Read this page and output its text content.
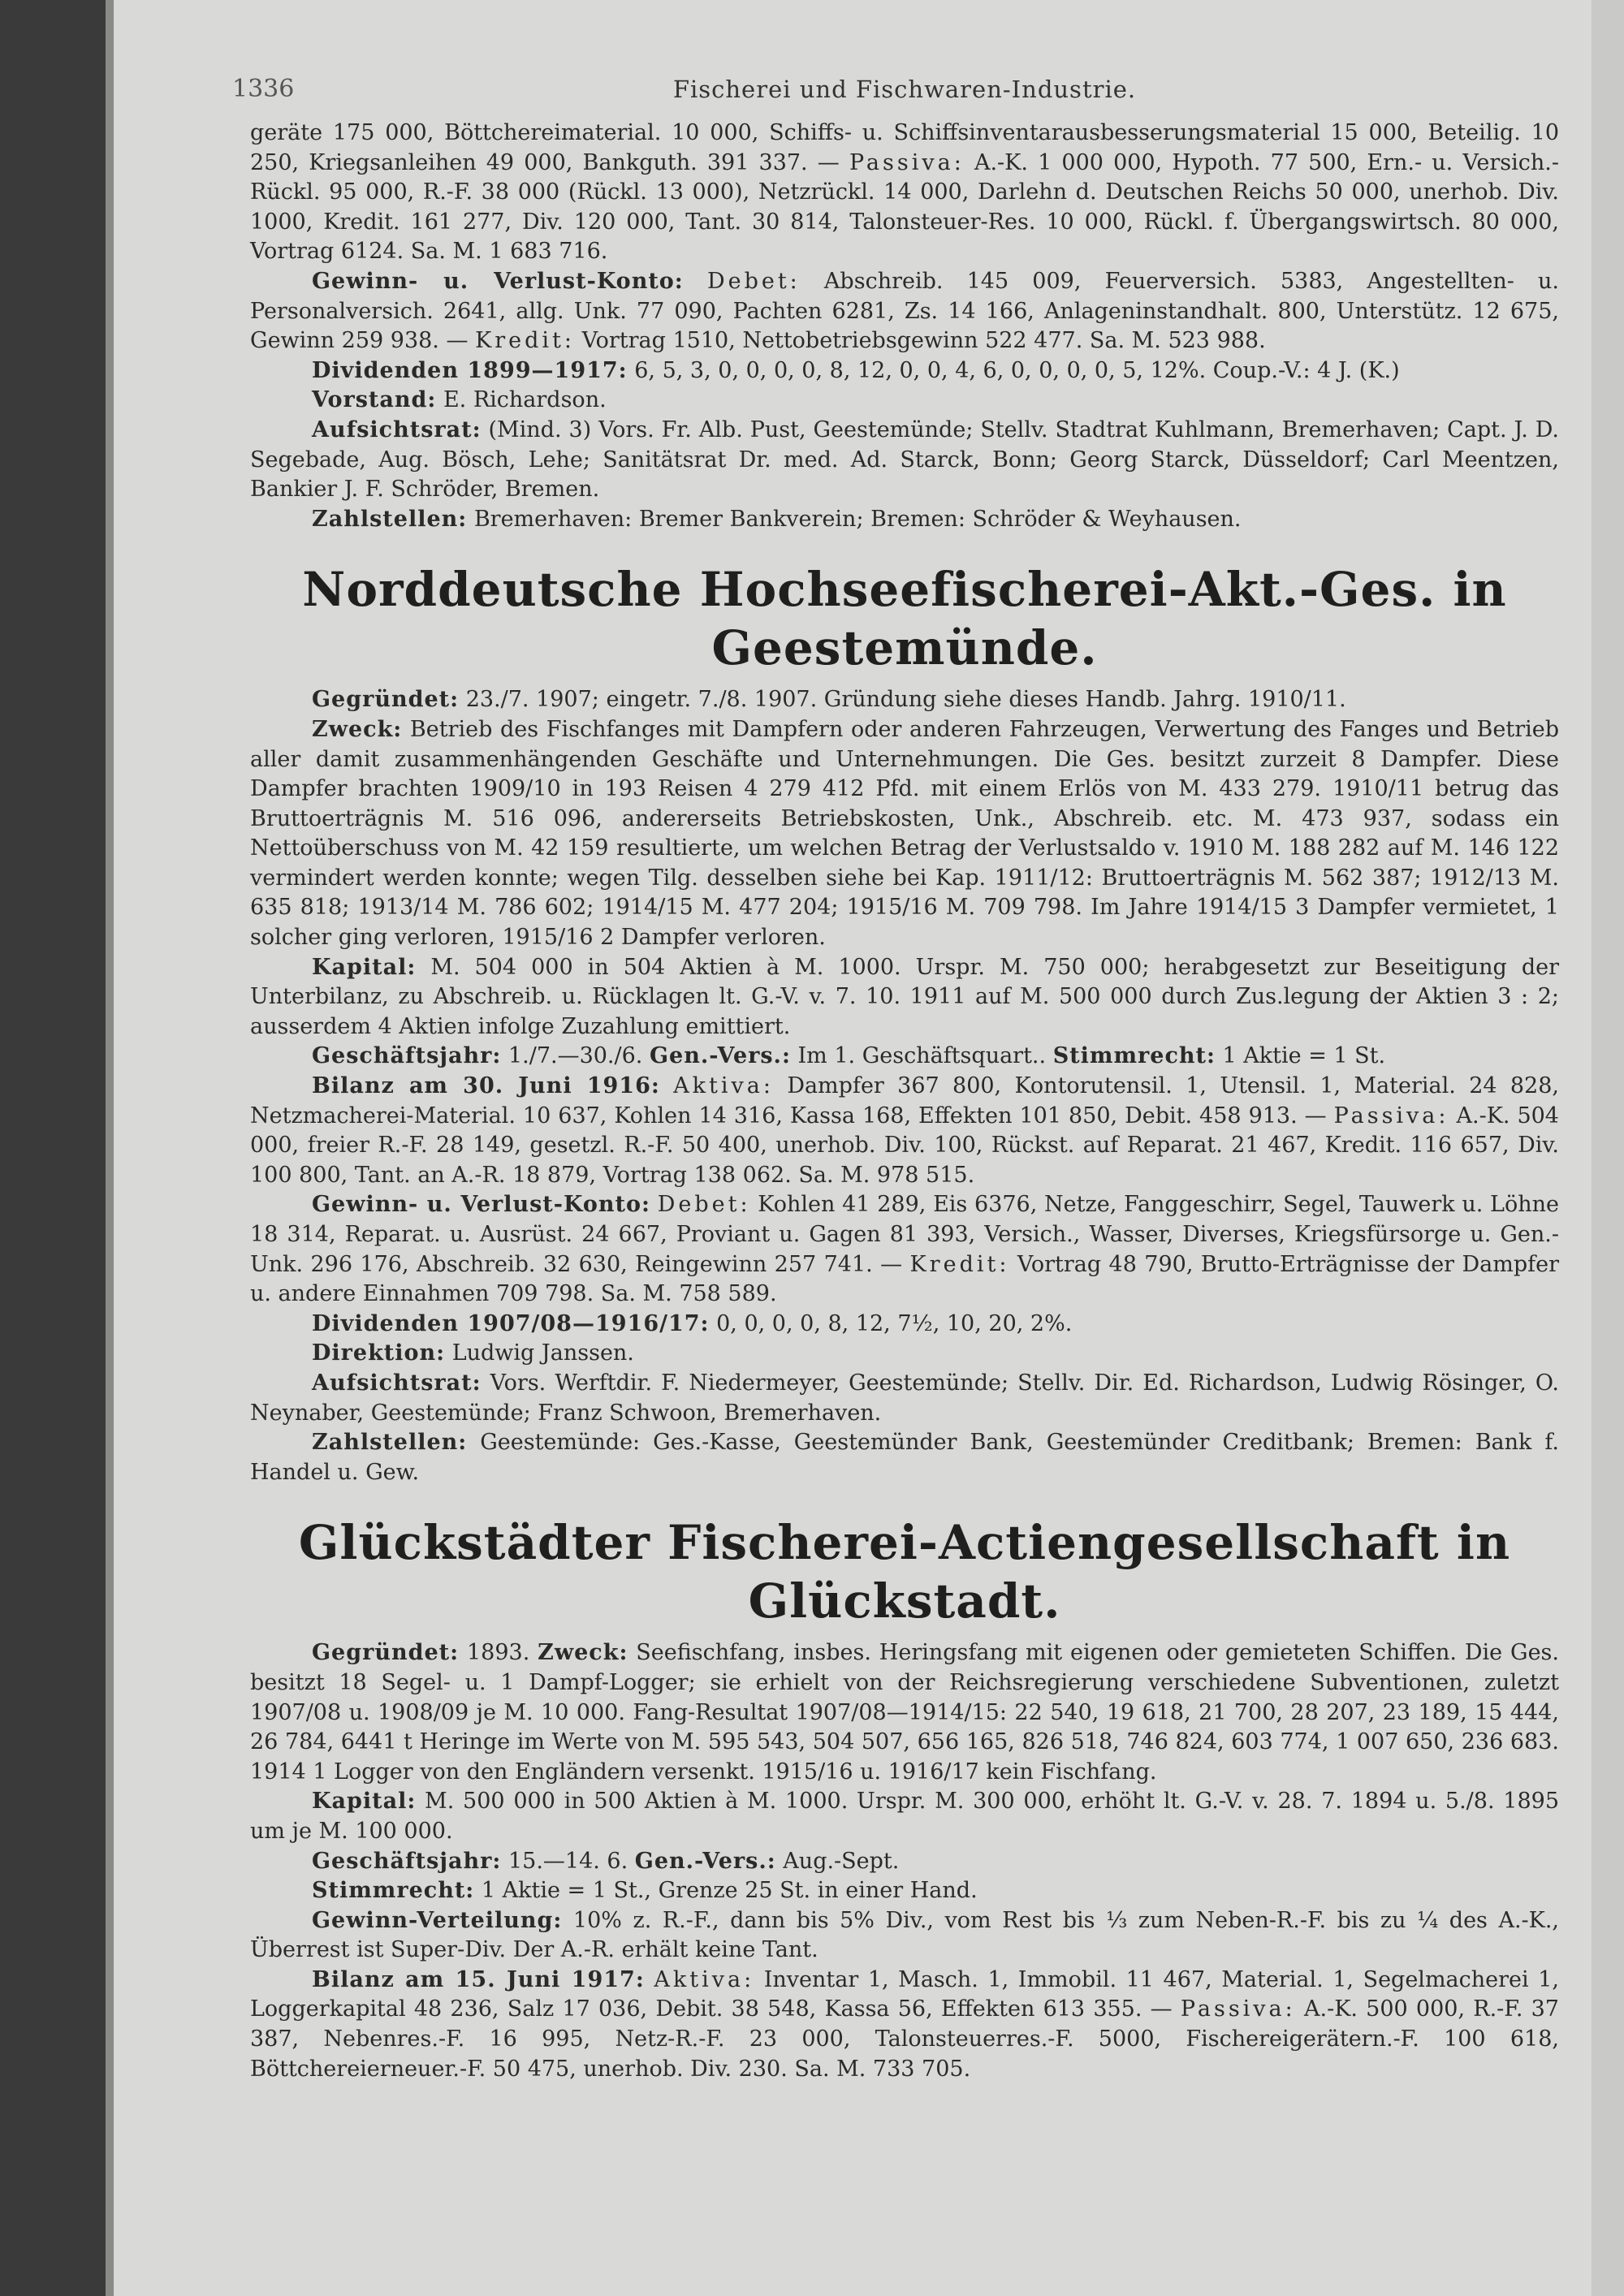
1336	Fischerei und Fischwaren-Industrie.

geräte 175 000, Böttchereimaterial. 10 000, Schiffs- u. Schiffsinventarausbesserungsmaterial 15 000, Beteilig. 10 250, Kriegsanleihen 49 000, Bankguth. 391 337. — Passiva: A.-K. 1 000 000, Hypoth. 77 500, Ern.- u. Versich.-Rückl. 95 000, R.-F. 38 000 (Rückl. 13 000), Netzrückl. 14 000, Darlehn d. Deutschen Reichs 50 000, unerhob. Div. 1000, Kredit. 161 277, Div. 120 000, Tant. 30 814, Talonsteuer-Res. 10 000, Rückl. f. Übergangswirtsch. 80 000, Vortrag 6124. Sa. M. 1 683 716.

Gewinn- u. Verlust-Konto: Debet: Abschreib. 145 009, Feuerversich. 5383, Angestellten- u. Personalversich. 2641, allg. Unk. 77 090, Pachten 6281, Zs. 14 166, Anlageninstandhalt. 800, Unterstütz. 12 675, Gewinn 259 938. — Kredit: Vortrag 1510, Nettobetriebsgewinn 522 477. Sa. M. 523 988.

Dividenden 1899—1917: 6, 5, 3, 0, 0, 0, 0, 8, 12, 0, 0, 4, 6, 0, 0, 0, 0, 5, 12%. Coup.-V.: 4 J. (K.)

Vorstand: E. Richardson.

Aufsichtsrat: (Mind. 3) Vors. Fr. Alb. Pust, Geestemünde; Stellv. Stadtrat Kuhlmann, Bremerhaven; Capt. J. D. Segebade, Aug. Bösch, Lehe; Sanitätsrat Dr. med. Ad. Starck, Bonn; Georg Starck, Düsseldorf; Carl Meentzen, Bankier J. F. Schröder, Bremen.

Zahlstellen: Bremerhaven: Bremer Bankverein; Bremen: Schröder & Weyhausen.

Norddeutsche Hochseefischerei-Akt.-Ges. in Geestemünde.

Gegründet: 23./7. 1907; eingetr. 7./8. 1907. Gründung siehe dieses Handb. Jahrg. 1910/11.

Zweck: Betrieb des Fischfanges mit Dampfern oder anderen Fahrzeugen, Verwertung des Fanges und Betrieb aller damit zusammenhängenden Geschäfte und Unternehmungen. Die Ges. besitzt zurzeit 8 Dampfer. Diese Dampfer brachten 1909/10 in 193 Reisen 4 279 412 Pfd. mit einem Erlös von M. 433 279. 1910/11 betrug das Bruttoerträgnis M. 516 096, andererseits Betriebskosten, Unk., Abschreib. etc. M. 473 937, sodass ein Nettoüberschuss von M. 42 159 resultierte, um welchen Betrag der Verlustsaldo v. 1910 M. 188 282 auf M. 146 122 vermindert werden konnte; wegen Tilg. desselben siehe bei Kap. 1911/12: Bruttoerträgnis M. 562 387; 1912/13 M. 635 818; 1913/14 M. 786 602; 1914/15 M. 477 204; 1915/16 M. 709 798. Im Jahre 1914/15 3 Dampfer vermietet, 1 solcher ging verloren, 1915/16 2 Dampfer verloren.

Kapital: M. 504 000 in 504 Aktien à M. 1000. Urspr. M. 750 000; herabgesetzt zur Beseitigung der Unterbilanz, zu Abschreib. u. Rücklagen lt. G.-V. v. 7. 10. 1911 auf M. 500 000 durch Zus.legung der Aktien 3 : 2; ausserdem 4 Aktien infolge Zuzahlung emittiert.

Geschäftsjahr: 1./7.—30./6. Gen.-Vers.: Im 1. Geschäftsquart.. Stimmrecht: 1 Aktie = 1 St.

Bilanz am 30. Juni 1916: Aktiva: Dampfer 367 800, Kontorutensil. 1, Utensil. 1, Material. 24 828, Netzmacherei-Material. 10 637, Kohlen 14 316, Kassa 168, Effekten 101 850, Debit. 458 913. — Passiva: A.-K. 504 000, freier R.-F. 28 149, gesetzl. R.-F. 50 400, unerhob. Div. 100, Rückst. auf Reparat. 21 467, Kredit. 116 657, Div. 100 800, Tant. an A.-R. 18 879, Vortrag 138 062. Sa. M. 978 515.

Gewinn- u. Verlust-Konto: Debet: Kohlen 41 289, Eis 6376, Netze, Fanggeschirr, Segel, Tauwerk u. Löhne 18 314, Reparat. u. Ausrüst. 24 667, Proviant u. Gagen 81 393, Versich., Wasser, Diverses, Kriegsfürsorge u. Gen.-Unk. 296 176, Abschreib. 32 630, Reingewinn 257 741. — Kredit: Vortrag 48 790, Brutto-Erträgnisse der Dampfer u. andere Einnahmen 709 798. Sa. M. 758 589.

Dividenden 1907/08—1916/17: 0, 0, 0, 0, 8, 12, 7½, 10, 20, 2%.

Direktion: Ludwig Janssen.

Aufsichtsrat: Vors. Werftdir. F. Niedermeyer, Geestemünde; Stellv. Dir. Ed. Richardson, Ludwig Rösinger, O. Neynaber, Geestemünde; Franz Schwoon, Bremerhaven.

Zahlstellen: Geestemünde: Ges.-Kasse, Geestemünder Bank, Geestemünder Creditbank; Bremen: Bank f. Handel u. Gew.

Glückstädter Fischerei-Actiengesellschaft in Glückstadt.

Gegründet: 1893. Zweck: Seefischfang, insbes. Heringsfang mit eigenen oder gemieteten Schiffen. Die Ges. besitzt 18 Segel- u. 1 Dampf-Logger; sie erhielt von der Reichsregierung verschiedene Subventionen, zuletzt 1907/08 u. 1908/09 je M. 10 000. Fang-Resultat 1907/08—1914/15: 22 540, 19 618, 21 700, 28 207, 23 189, 15 444, 26 784, 6441 t Heringe im Werte von M. 595 543, 504 507, 656 165, 826 518, 746 824, 603 774, 1 007 650, 236 683. 1914 1 Logger von den Engländern versenkt. 1915/16 u. 1916/17 kein Fischfang.

Kapital: M. 500 000 in 500 Aktien à M. 1000. Urspr. M. 300 000, erhöht lt. G.-V. v. 28. 7. 1894 u. 5./8. 1895 um je M. 100 000.

Geschäftsjahr: 15.—14. 6. Gen.-Vers.: Aug.-Sept.

Stimmrecht: 1 Aktie = 1 St., Grenze 25 St. in einer Hand.

Gewinn-Verteilung: 10% z. R.-F., dann bis 5% Div., vom Rest bis ⅓ zum Neben-R.-F. bis zu ¼ des A.-K., Überrest ist Super-Div. Der A.-R. erhält keine Tant.

Bilanz am 15. Juni 1917: Aktiva: Inventar 1, Masch. 1, Immobil. 11 467, Material. 1, Segelmacherei 1, Loggerkapital 48 236, Salz 17 036, Debit. 38 548, Kassa 56, Effekten 613 355. — Passiva: A.-K. 500 000, R.-F. 37 387, Nebenres.-F. 16 995, Netz-R.-F. 23 000, Talonsteuerres.-F. 5000, Fischereigerätern.-F. 100 618, Böttchereierneuer.-F. 50 475, unerhob. Div. 230. Sa. M. 733 705.
